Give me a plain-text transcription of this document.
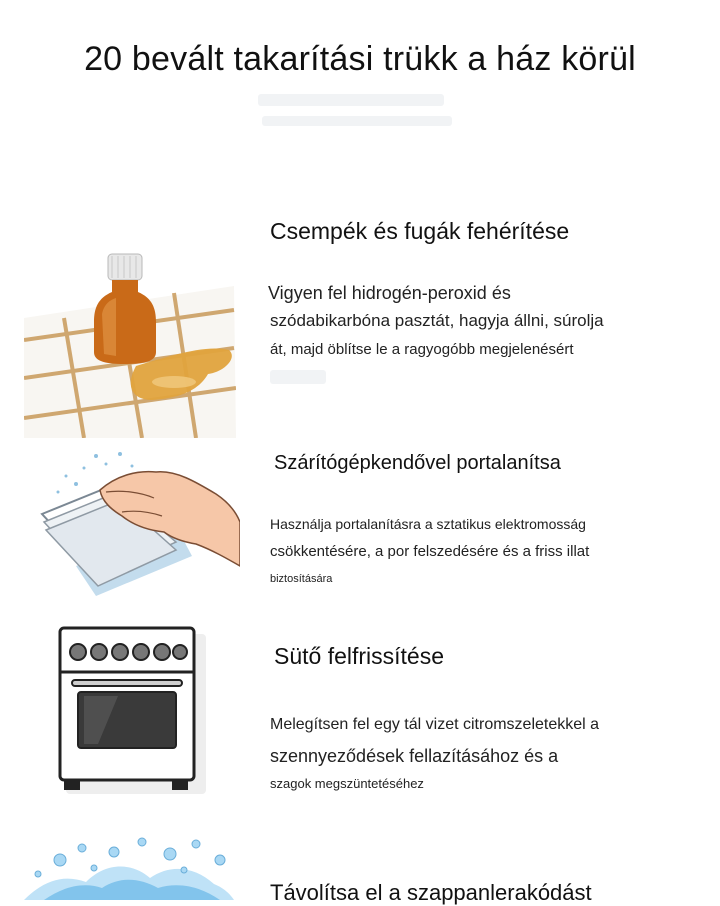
20 bevált takarítási trükk a ház körül
Csempék és fugák fehérítése
Vigyen fel hidrogén-peroxid és
szódabikarbóna pasztát, hagyja állni, súrolja
át, majd öblítse le a ragyogóbb megjelenésért
Szárítógépkendővel portalanítsa
Használja portalanításra a sztatikus elektromosság
csökkentésére, a por felszedésére és a friss illat
biztosítására
Sütő felfrissítése
Melegítsen fel egy tál vizet citromszeletekkel a
szennyeződések fellazításához és a
szagok megszüntetéséhez
Távolítsa el a szappanlerakódást
